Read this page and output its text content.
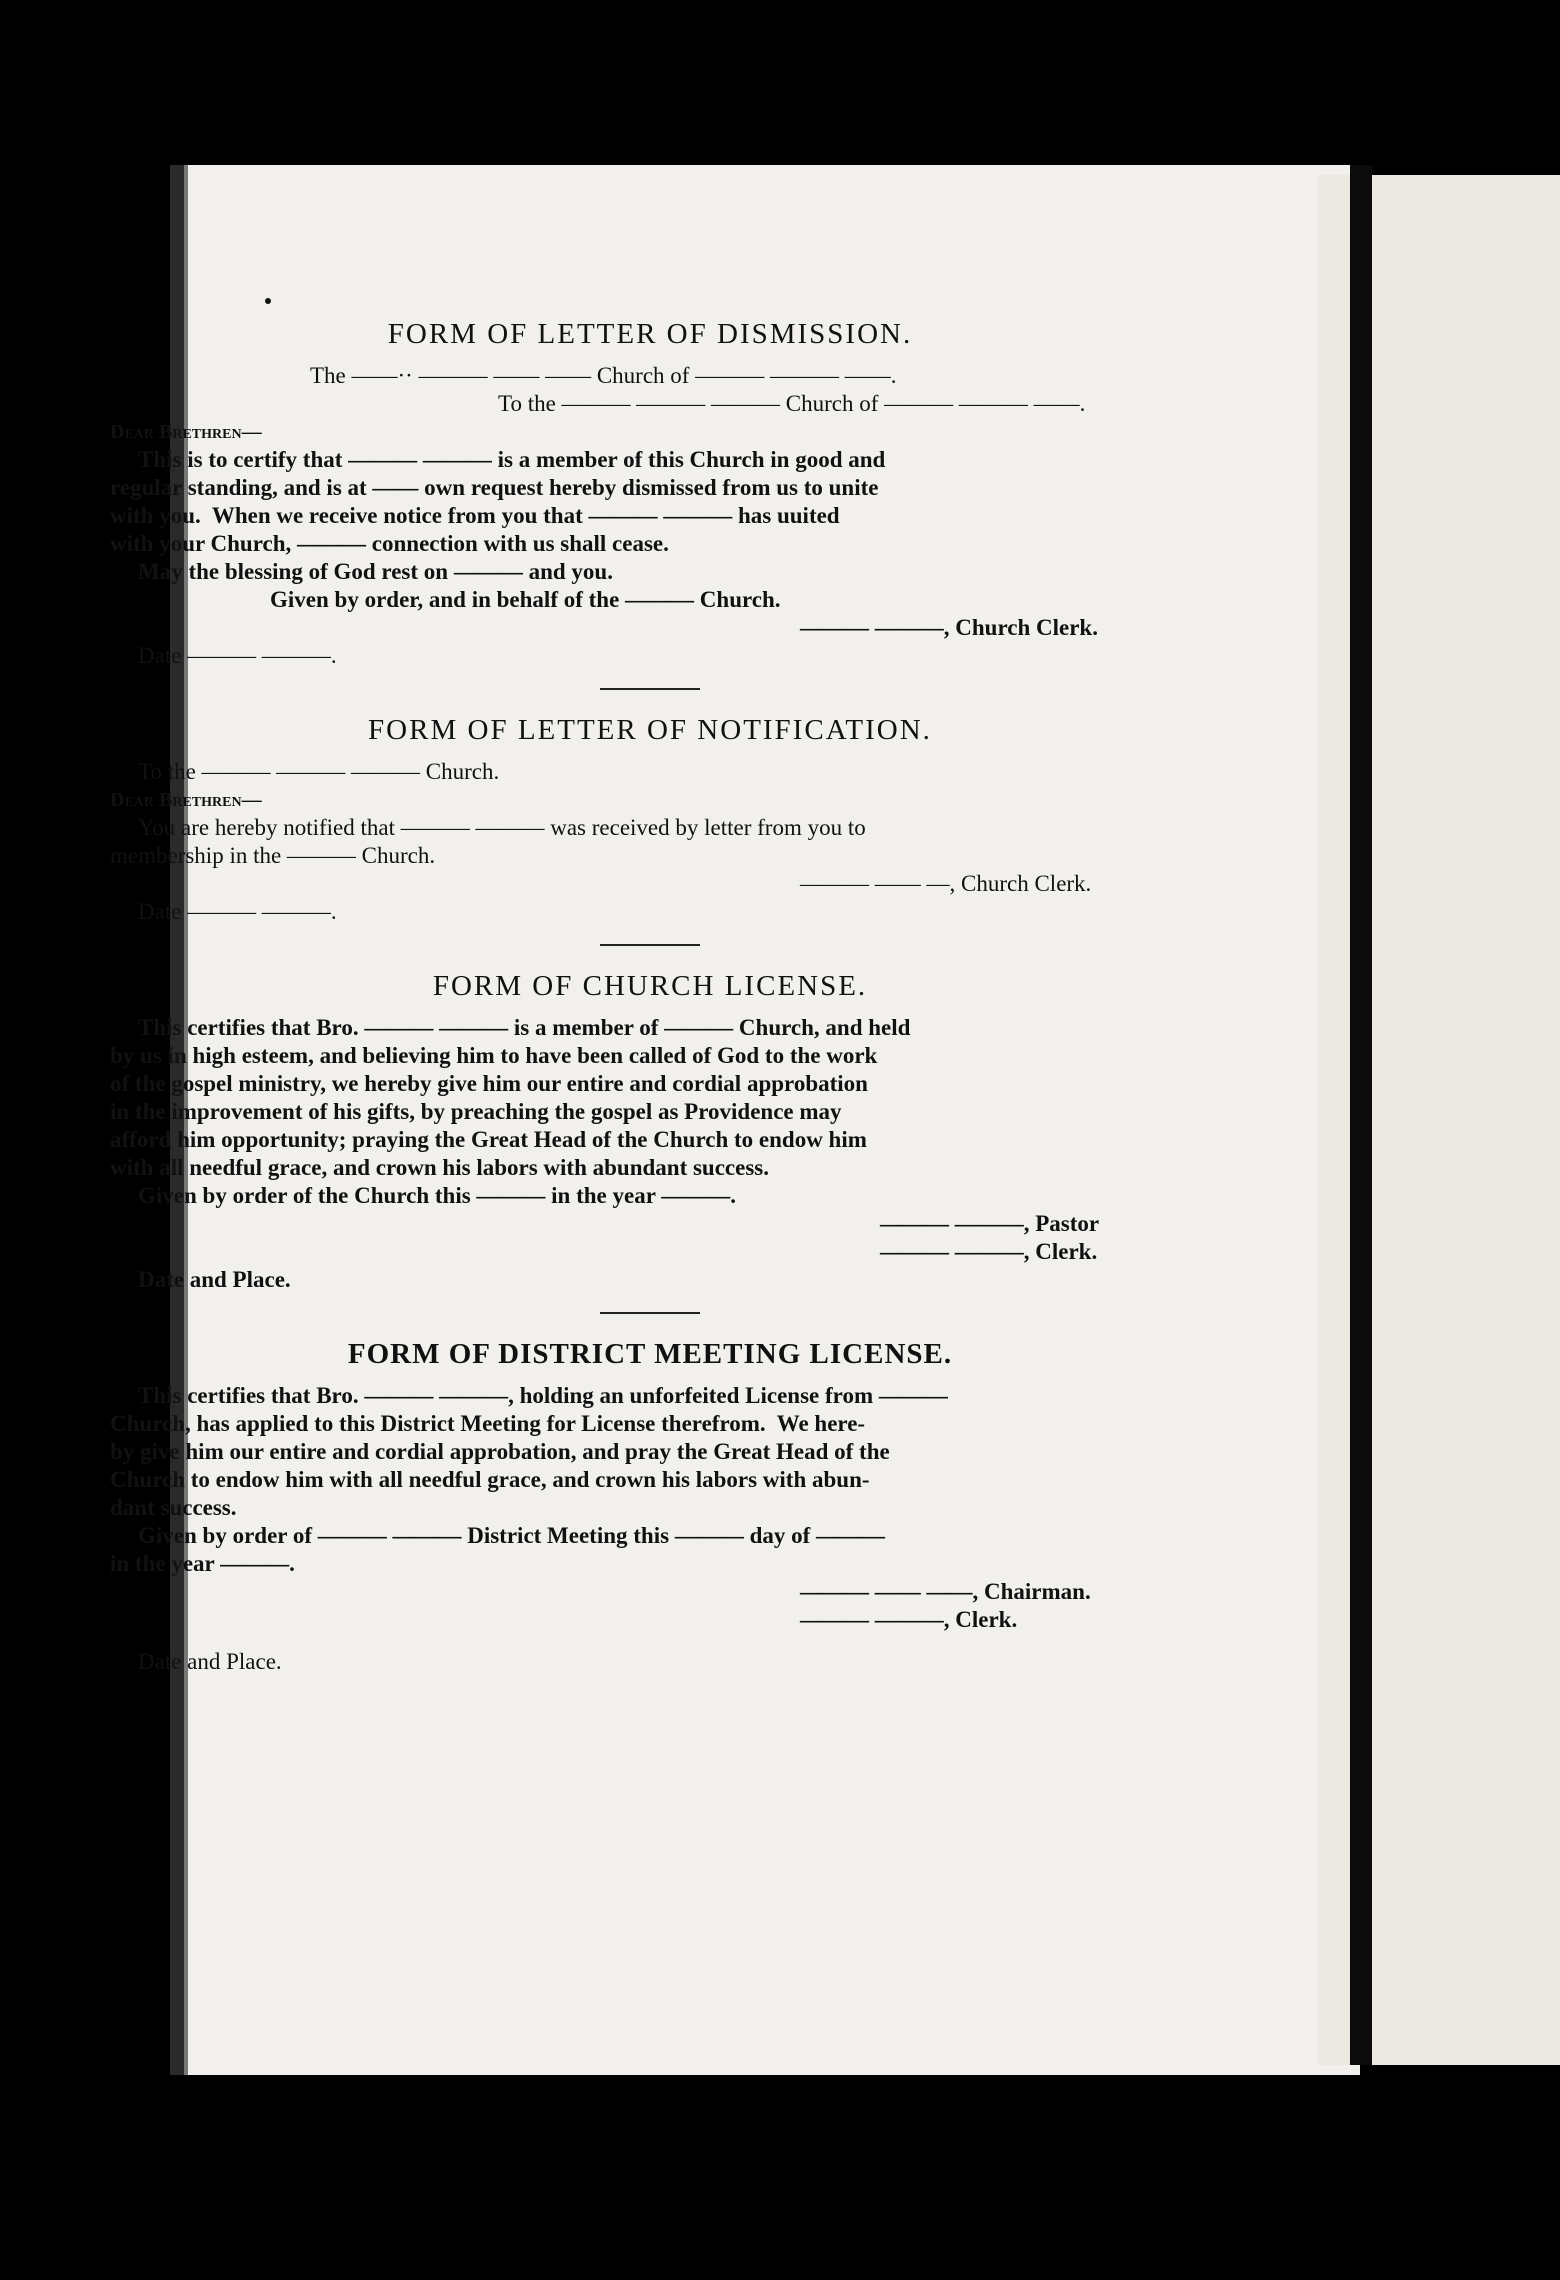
FORM OF LETTER OF DISMISSION.

The ——·· ——— —— —— Church of ——— ——— ——.

To the ——— ——— ——— Church of ——— ——— ——.

Dear Brethren—

This is to certify that ——— ——— is a member of this Church in good and

regular standing, and is at —— own request hereby dismissed from us to unite

with you.  When we receive notice from you that ——— ——— has uuited

with your Church, ——— connection with us shall cease.

May the blessing of God rest on ——— and you.

Given by order, and in behalf of the ——— Church.

——— ———, Church Clerk.

Date ——— ———.

FORM OF LETTER OF NOTIFICATION.

To the ——— ——— ——— Church.

Dear Brethren—

You are hereby notified that ——— ——— was received by letter from you to

membership in the ——— Church.

——— —— —, Church Clerk.

Date ——— ———.

FORM OF CHURCH LICENSE.

This certifies that Bro. ——— ——— is a member of ——— Church, and held

by us in high esteem, and believing him to have been called of God to the work

of the gospel ministry, we hereby give him our entire and cordial approbation

in the improvement of his gifts, by preaching the gospel as Providence may

afford him opportunity; praying the Great Head of the Church to endow him

with all needful grace, and crown his labors with abundant success.

Given by order of the Church this ——— in the year ———.

——— ———, Pastor

——— ———, Clerk.

Date and Place.

FORM OF DISTRICT MEETING LICENSE.

This certifies that Bro. ——— ———, holding an unforfeited License from ———

Church, has applied to this District Meeting for License therefrom.  We here-

by give him our entire and cordial approbation, and pray the Great Head of the

Church to endow him with all needful grace, and crown his labors with abun-

dant success.

Given by order of ——— ——— District Meeting this ——— day of ———

in the year ———.

——— —— ——, Chairman.

——— ———, Clerk.

Date and Place.
